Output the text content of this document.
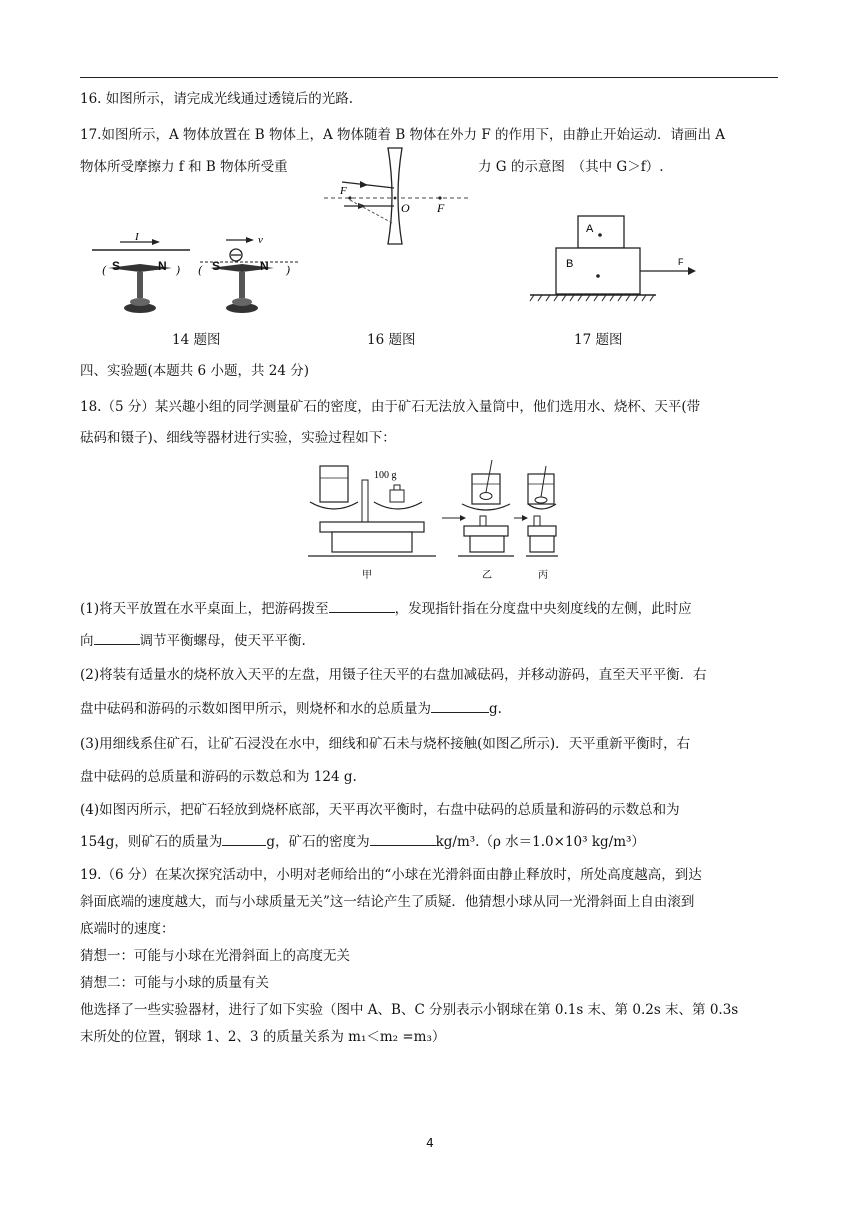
16. 如图所示，请完成光线通过透镜后的光路.
17.如图所示，A 物体放置在 B 物体上，A 物体随着 B 物体在外力 F 的作用下，由静止开始运动．请画出 A
物体所受摩擦力 f 和 B 物体所受重	力 G 的示意图　（其中 G＞f）.
I
(	)
S	N
v
(	)
S	N
14 题图
F
O F
16 题图
A
B	F
17 题图
四、实验题(本题共 6 小题，共 24 分)
18.（5 分）某兴趣小组的同学测量矿石的密度，由于矿石无法放入量筒中，他们选用水、烧杯、天平(带
砝码和镊子)、细线等器材进行实验，实验过程如下：
100 g
甲	乙	丙
(1)将天平放置在水平桌面上，把游码拨至	，发现指针指在分度盘中央刻度线的左侧，此时应
向	调节平衡螺母，使天平平衡.
(2)将装有适量水的烧杯放入天平的左盘，用镊子往天平的右盘加减砝码，并移动游码，直至天平平衡．右
盘中砝码和游码的示数如图甲所示，则烧杯和水的总质量为	g.
(3)用细线系住矿石，让矿石浸没在水中，细线和矿石未与烧杯接触(如图乙所示)．天平重新平衡时，右
盘中砝码的总质量和游码的示数总和为 124 g.
(4)如图丙所示，把矿石轻放到烧杯底部，天平再次平衡时，右盘中砝码的总质量和游码的示数总和为
154g，则矿石的质量为	g，矿石的密度为	kg/m³.（ρ 水＝1.0×10³ kg/m³）
19.（6 分）在某次探究活动中，小明对老师给出的“小球在光滑斜面由静止释放时，所处高度越高，到达
斜面底端的速度越大，而与小球质量无关”这一结论产生了质疑．他猜想小球从同一光滑斜面上自由滚到
底端时的速度：
猜想一：可能与小球在光滑斜面上的高度无关
猜想二：可能与小球的质量有关
他选择了一些实验器材，进行了如下实验（图中 A、B、C 分别表示小钢球在第 0.1s 末、第 0.2s 末、第 0.3s
末所处的位置，钢球 1、2、3 的质量关系为 m₁＜m₂ =m₃）
4
